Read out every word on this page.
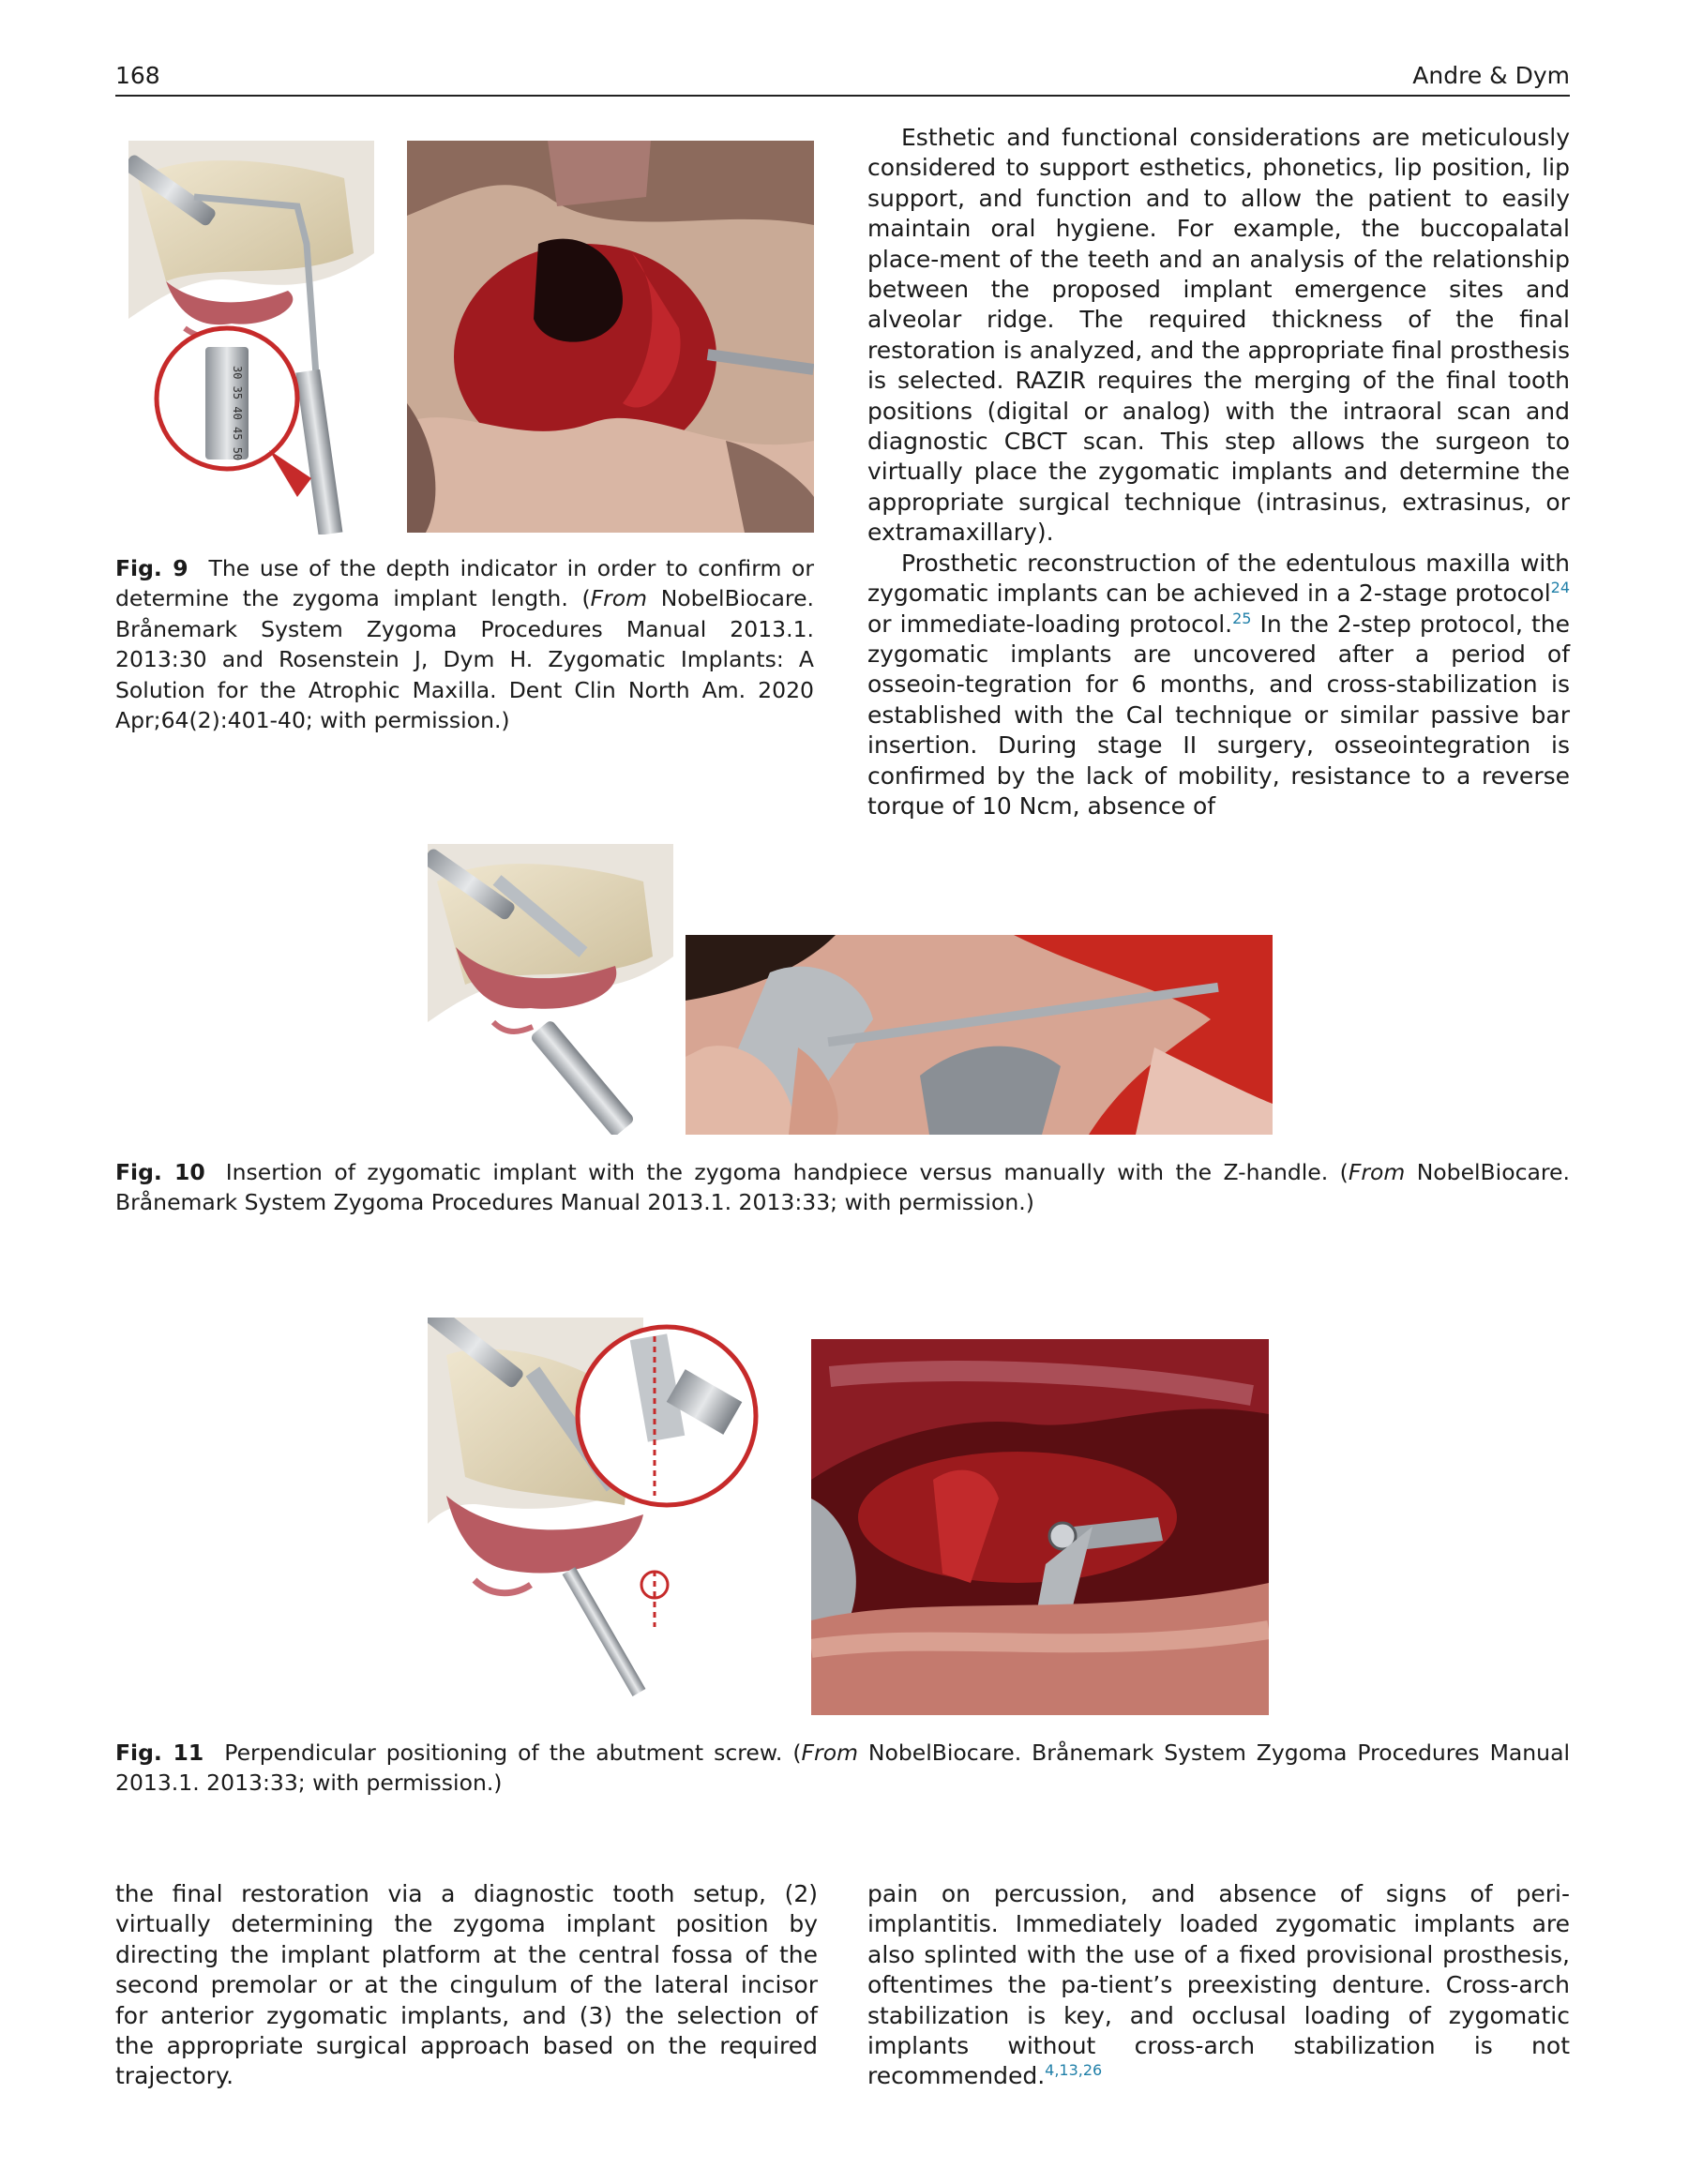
168	Andre & Dym
30 35 40 45 50
Fig. 9 The use of the depth indicator in order to confirm or determine the zygoma implant length. (From NobelBiocare. Brånemark System Zygoma Procedures Manual 2013.1. 2013:30 and Rosenstein J, Dym H. Zygomatic Implants: A Solution for the Atrophic Maxilla. Dent Clin North Am. 2020 Apr;64(2):401-40; with permission.)

Esthetic and functional considerations are meticulously considered to support esthetics, phonetics, lip position, lip support, and function and to allow the patient to easily maintain oral hygiene. For example, the buccopalatal place-ment of the teeth and an analysis of the relationship between the proposed implant emergence sites and alveolar ridge. The required thickness of the final restoration is analyzed, and the appropriate final prosthesis is selected. RAZIR requires the merging of the final tooth positions (digital or analog) with the intraoral scan and diagnostic CBCT scan. This step allows the surgeon to virtually place the zygomatic implants and determine the appropriate surgical technique (intrasinus, extrasinus, or extramaxillary).

Prosthetic reconstruction of the edentulous maxilla with zygomatic implants can be achieved in a 2-stage protocol$^{24}$ or immediate-loading protocol.$^{25}$ In the 2-step protocol, the zygomatic implants are uncovered after a period of osseoin-tegration for 6 months, and cross-stabilization is established with the Cal technique or similar passive bar insertion. During stage II surgery, osseointegration is confirmed by the lack of mobility, resistance to a reverse torque of 10 Ncm, absence of

Fig. 10 Insertion of zygomatic implant with the zygoma handpiece versus manually with the Z-handle. (From NobelBiocare. Brånemark System Zygoma Procedures Manual 2013.1. 2013:33; with permission.)
Fig. 11 Perpendicular positioning of the abutment screw. (From NobelBiocare. Brånemark System Zygoma Procedures Manual 2013.1. 2013:33; with permission.)

the final restoration via a diagnostic tooth setup, (2) virtually determining the zygoma implant position by directing the implant platform at the central fossa of the second premolar or at the cingulum of the lateral incisor for anterior zygomatic implants, and (3) the selection of the appropriate surgical approach based on the required trajectory.

pain on percussion, and absence of signs of peri-implantitis. Immediately loaded zygomatic implants are also splinted with the use of a fixed provisional prosthesis, oftentimes the pa-tient’s preexisting denture. Cross-arch stabilization is key, and occlusal loading of zygomatic implants without cross-arch stabilization is not recommended.$^{4,13,26}$
